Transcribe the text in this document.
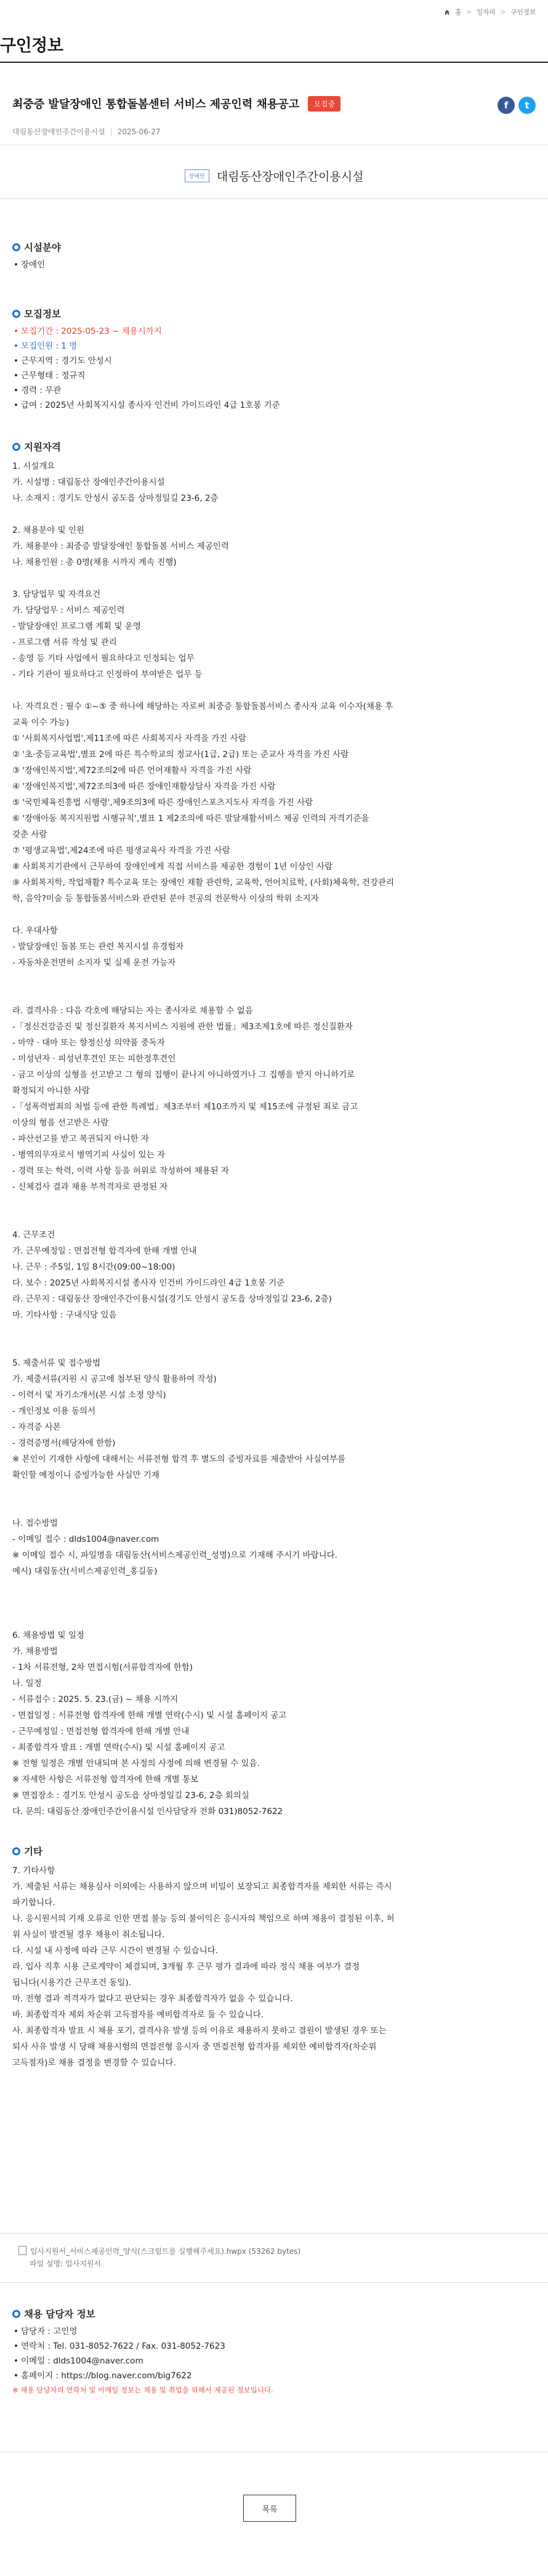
홈 > 일자리 > 구인정보
구인정보
최중증 발달장애인 통합돌봄센터 서비스 제공인력 채용공고 모집중	f	t
대림동산장애인주간이용시설 | 2025-06-27
장애인 대림동산장애인주간이용시설
시설분야
• 장애인
모집정보
• 모집기간 : 2025-05-23 ~ 채용시까지
• 모집인원 : 1 명
• 근무지역 : 경기도 안성시
• 근무형태 : 정규직
• 경력 : 무관
• 급여 : 2025년 사회복지시설 종사자 인건비 가이드라인 4급 1호봉 기준
지원자격
1. 시설개요
가. 시설명 : 대림동산 장애인주간이용시설
나. 소재지 : 경기도 안성시 공도읍 상마정일길 23-6, 2층

2. 채용분야 및 인원
가. 채용분야 : 최중증 발달장애인 통합돌봄 서비스 제공인력
나. 채용인원 : 총 0명(채용 시까지 계속 진행)

3. 담당업무 및 자격요건
가. 담당업무 : 서비스 제공인력
- 발달장애인 프로그램 계획 및 운영
- 프로그램 서류 작성 및 관리
- 송영 등 기타 사업에서 필요하다고 인정되는 업무
- 기타 기관이 필요하다고 인정하여 부여받은 업무 등

나. 자격요건 : 필수 ①~⑤ 중 하나에 해당하는 자로써 최중증 통합돌봄서비스 종사자 교육 이수자(채용 후
교육 이수 가능)
① '사회복지사업법',제11조에 따른 사회복지사 자격을 가진 사람
② '초·중등교육법',별표 2에 따른 특수학교의 정교사(1급, 2급) 또는 준교사 자격을 가진 사람
③ '장애인복지법',제72조의2에 따른 언어재활사 자격을 가진 사람
④ '장애인복지법',제72조의3에 따른 장애인재활상담사 자격을 가진 사람
⑤ '국민체육진흥법 시행령',제9조의3에 따른 장애인스포츠지도사 자격을 가진 사람
⑥ '장애아동 복지지원법 시행규칙',별표 1 제2조의에 따른 발달재활서비스 제공 인력의 자격기준을
갖춘 사람
⑦ '평생교육법',제24조에 따른 평생교육사 자격을 가진 사람
⑧ 사회복지기관에서 근무하여 장애인에게 직접 서비스를 제공한 경험이 1년 이상인 사람
⑨ 사회복지학, 작업재활? 특수교육 또는 장애인 재활 관련학, 교육학, 언어치료학, (사회)체육학, 건강관리
학, 음악?미술 등 통합돌봄서비스와 관련된 분야 전공의 전문학사 이상의 학위 소지자

다. 우대사항
- 발달장애인 돌봄 또는 관련 복지시설 유경험자
- 자동차운전면허 소지자 및 실제 운전 가능자

라. 결격사유 : 다음 각호에 해당되는 자는 종사자로 채용할 수 없음
-「정신건강증진 및 정신질환자 복지서비스 지원에 관한 법률」제3조제1호에 따른 정신질환자
- 마약 · 대마 또는 향정신성 의약품 중독자
- 미성년자 · 피성년후견인 또는 피한정후견인
- 금고 이상의 실형을 선고받고 그 형의 집행이 끝나지 아니하였거나 그 집행을 받지 아니하기로
확정되지 아니한 사람
-「성폭력범죄의 처벌 등에 관한 특례법」제3조부터 제10조까지 및 제15조에 규정된 죄로 금고
이상의 형을 선고받은 사람
- 파산선고를 받고 복권되지 아니한 자
- 병역의무자로서 병역기피 사실이 있는 자
- 경력 또는 학력, 이력 사항 등을 허위로 작성하여 채용된 자
- 신체검사 결과 채용 부적격자로 판정된 자

4. 근무조건
가. 근무예정일 : 면접전형 합격자에 한해 개별 안내
나. 근무 : 주5일, 1일 8시간(09:00~18:00)
다. 보수 : 2025년 사회복지시설 종사자 인건비 가이드라인 4급 1호봉 기준
라. 근무지 : 대림동산 장애인주간이용시설(경기도 안성시 공도읍 상마정일길 23-6, 2층)
마. 기타사항 : 구내식당 있음

5. 제출서류 및 접수방법
가. 제출서류(지원 시 공고에 첨부된 양식 활용하여 작성)
- 이력서 및 자기소개서(본 시설 소정 양식)
- 개인정보 이용 동의서
- 자격증 사본
- 경력증명서(해당자에 한함)
※ 본인이 기재한 사항에 대해서는 서류전형 합격 후 별도의 증빙자료를 제출받아 사실여부를
확인할 예정이니 증빙가능한 사실만 기재

나. 접수방법
- 이메일 접수 : dlds1004@naver.com
※ 이메일 접수 시, 파일명을 대림동산(서비스제공인력_성명)으로 기재해 주시기 바랍니다.
예시) 대림동산(서비스제공인력_홍길동)

6. 채용방법 및 일정
가. 채용방법
- 1차 서류전형, 2차 면접시험(서류합격자에 한함)
나. 일정
- 서류접수 : 2025. 5. 23.(금) ~ 채용 시까지
- 면접일정 : 서류전형 합격자에 한해 개별 연락(수시) 및 시설 홈페이지 공고
- 근무예정일 : 면접전형 합격자에 한해 개별 안내
- 최종합격자 발표 : 개별 연락(수시) 및 시설 홈페이지 공고
※ 전형 일정은 개별 안내되며 본 사정의 사정에 의해 변경될 수 있음.
※ 자세한 사항은 서류전형 합격자에 한해 개별 통보
※ 면접장소 : 경기도 안성시 공도읍 상마정일길 23-6, 2층 회의실
다. 문의: 대림동산 장애인주간이용시설 인사담당자 전화 031)8052-7622
기타
7. 기타사항
가. 제출된 서류는 채용심사 이외에는 사용하지 않으며 비밀이 보장되고 최종합격자를 제외한 서류는 즉시
파기합니다.
나. 응시원서의 기재 오류로 인한 면접 불능 등의 불이익은 응시자의 책임으로 하며 채용이 결정된 이후, 허
위 사실이 발견될 경우 채용이 취소됩니다.
다. 시설 내 사정에 따라 근무 시간이 변경될 수 있습니다.
라. 입사 직후 시용 근로계약이 체결되며, 3개월 후 근무 평가 결과에 따라 정식 채용 여부가 결정
됩니다(시용기간 근무조건 동일).
마. 전형 결과 적격자가 없다고 판단되는 경우 최종합격자가 없을 수 있습니다.
바. 최종합격자 제외 차순위 고득점자를 예비합격자로 둘 수 있습니다.
사. 최종합격자 발표 시 채용 포기, 결격사유 발생 등의 이유로 채용하지 못하고 결원이 발생된 경우 또는
퇴사 사유 발생 시 당해 채용시험의 면접전형 응시자 중 면접전형 합격자를 제외한 예비합격자(차순위
고득점자)로 채용 결정을 변경할 수 있습니다.
입사지원서_서비스제공인력_양식(스크립트를 실행해주세요).hwpx (53262 bytes)
파일 설명: 입사지원서
채용 담당자 정보
• 담당자 : 고인영
• 연락처 : Tel. 031-8052-7622 / Fax. 031-8052-7623
• 이메일 : dlds1004@naver.com
• 홈페이지 : https://blog.naver.com/big7622
※ 채용 담당자의 연락처 및 이메일 정보는 채용 및 취업을 위해서 제공된 정보입니다.
목록
